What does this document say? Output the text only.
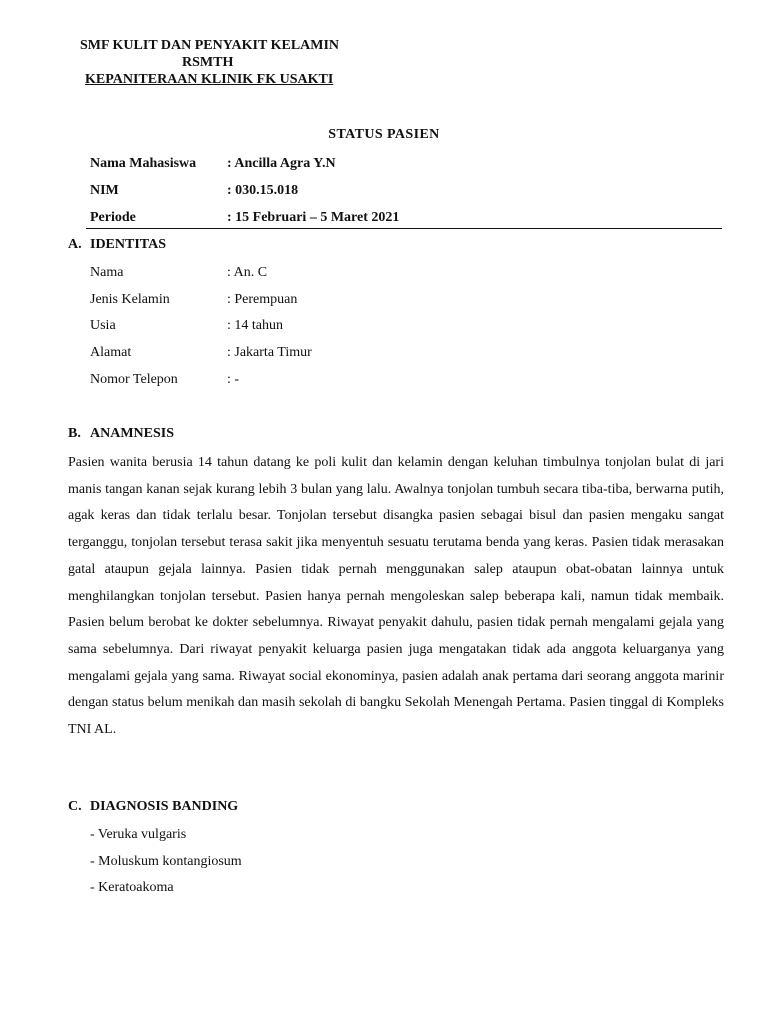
SMF KULIT DAN PENYAKIT KELAMIN
RSMTH
KEPANITERAAN KLINIK FK USAKTI
STATUS PASIEN
Nama Mahasiswa : Ancilla Agra Y.N
NIM	: 030.15.018
Periode	: 15 Februari – 5 Maret 2021
A. IDENTITAS
Nama	: An. C
Jenis Kelamin	: Perempuan
Usia	: 14 tahun
Alamat	: Jakarta Timur
Nomor Telepon	: -
B. ANAMNESIS

Pasien wanita berusia 14 tahun datang ke poli kulit dan kelamin dengan keluhan timbulnya tonjolan bulat di jari manis tangan kanan sejak kurang lebih 3 bulan yang lalu. Awalnya tonjolan tumbuh secara tiba-tiba, berwarna putih, agak keras dan tidak terlalu besar. Tonjolan tersebut disangka pasien sebagai bisul dan pasien mengaku sangat terganggu, tonjolan tersebut terasa sakit jika menyentuh sesuatu terutama benda yang keras. Pasien tidak merasakan gatal ataupun gejala lainnya. Pasien tidak pernah menggunakan salep ataupun obat-obatan lainnya untuk menghilangkan tonjolan tersebut. Pasien hanya pernah mengoleskan salep beberapa kali, namun tidak membaik. Pasien belum berobat ke dokter sebelumnya. Riwayat penyakit dahulu, pasien tidak pernah mengalami gejala yang sama sebelumnya. Dari riwayat penyakit keluarga pasien juga mengatakan tidak ada anggota keluarganya yang mengalami gejala yang sama. Riwayat social ekonominya, pasien adalah anak pertama dari seorang anggota marinir dengan status belum menikah dan masih sekolah di bangku Sekolah Menengah Pertama. Pasien tinggal di Kompleks TNI AL.

C. DIAGNOSIS BANDING
- Veruka vulgaris
- Moluskum kontangiosum
- Keratoakoma
